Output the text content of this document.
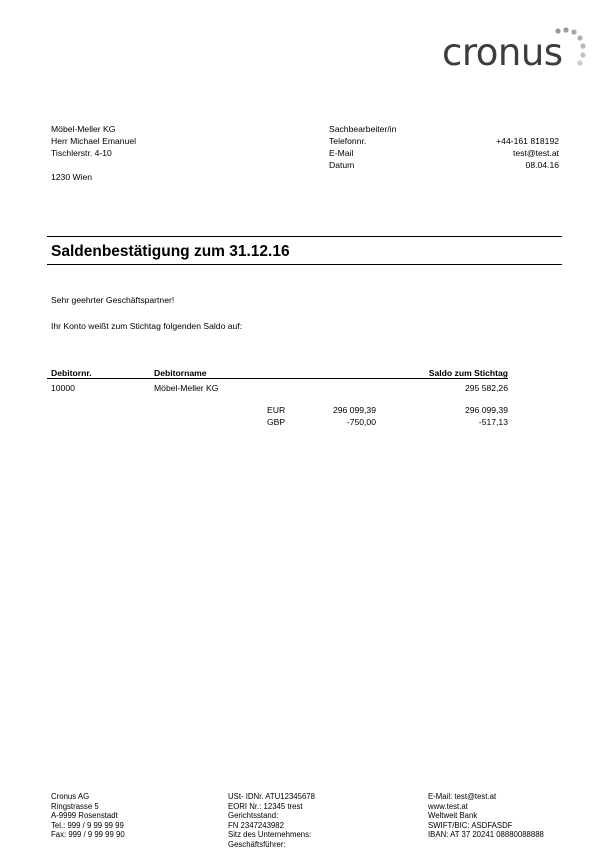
cronus
Möbel-Meller KG
Herr Michael Emanuel
Tischlerstr. 4-10
1230 Wien
Sachbearbeiter/in
Telefonnr.	+44-161 818192
E-Mail	test@test.at
Datum	08.04.16
Saldenbestätigung zum 31.12.16
Sehr geehrter Geschäftspartner!
Ihr Konto weißt zum Stichtag folgenden Saldo auf:
Debitornr.	Debitorname	Saldo zum Stichtag
10000	Möbel-Meller KG	295 582,26
EUR	296 099,39	296 099,39
GBP	-750,00	-517,13
Cronus AG
Ringstrasse 5
A-9999 Rosenstadt
Tel.: 999 / 9 99 99 99
Fax: 999 / 9 99 99 90
USt- IDNr. ATU12345678
EORI Nr.: 12345 trest
Gerichtsstand:
FN 2347243982
Sitz des Unternehmens:
Geschäftsführer:
E-Mail: test@test.at
www.test.at
Weltweit Bank
SWIFT/BIC: ASDFASDF
IBAN: AT 37 20241 08880088888
